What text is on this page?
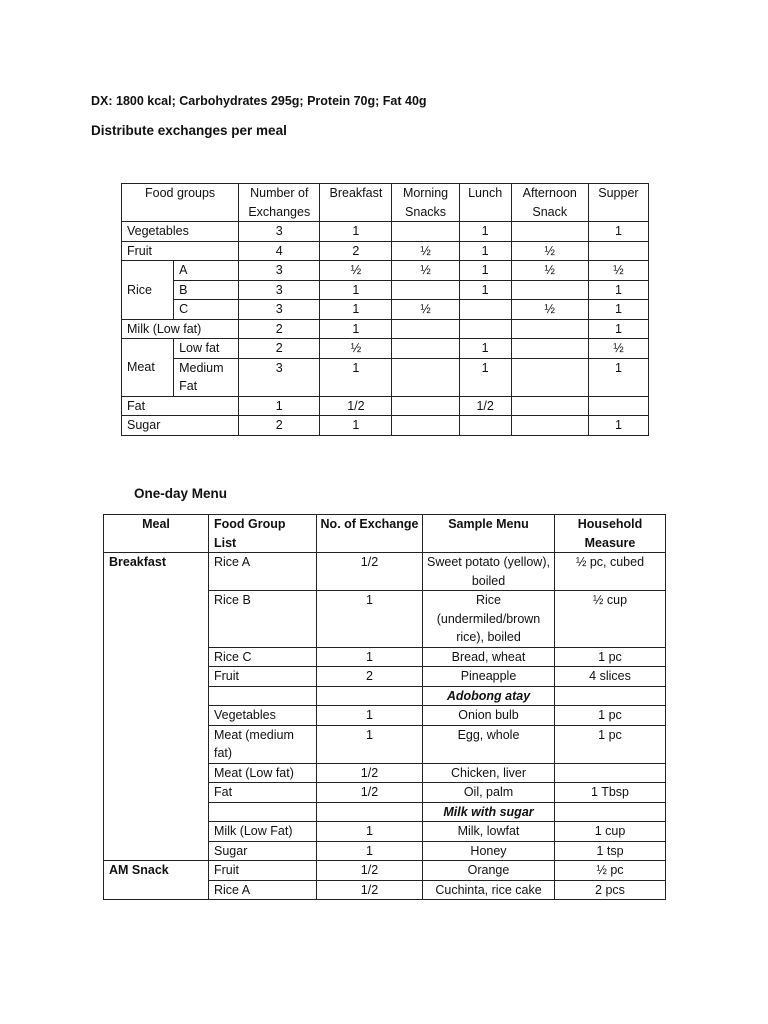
DX: 1800 kcal; Carbohydrates 295g; Protein 70g; Fat 40g
Distribute exchanges per meal
Food groups		Number of Exchanges	Breakfast	Morning Snacks	Lunch	Afternoon Snack	Supper
Vegetables		3	1		1		1
Fruit		4	2	½	1	½	
Rice	A	3	½	½	1	½	½
	B	3	1		1		1
	C	3	1	½		½	1
Milk (Low fat)		2	1				1
Meat	Low fat	2	½		1		½
	Medium Fat	3	1		1		1
Fat		1	1/2		1/2		
Sugar		2	1				1
One-day Menu
Meal	Food Group List	No. of Exchange	Sample Menu	Household Measure
Breakfast	Rice A	1/2	Sweet potato (yellow), boiled	½ pc, cubed
	Rice B	1	Rice (undermiled/brown rice), boiled	½ cup
	Rice C	1	Bread, wheat	1 pc
	Fruit	2	Pineapple	4 slices
			Adobong atay	
	Vegetables	1	Onion bulb	1 pc
	Meat (medium fat)	1	Egg, whole	1 pc
	Meat (Low fat)	1/2	Chicken, liver	
	Fat	1/2	Oil, palm	1 Tbsp
			Milk with sugar	
	Milk (Low Fat)	1	Milk, lowfat	1 cup
	Sugar	1	Honey	1 tsp
AM Snack	Fruit	1/2	Orange	½ pc
	Rice A	1/2	Cuchinta, rice cake	2 pcs
